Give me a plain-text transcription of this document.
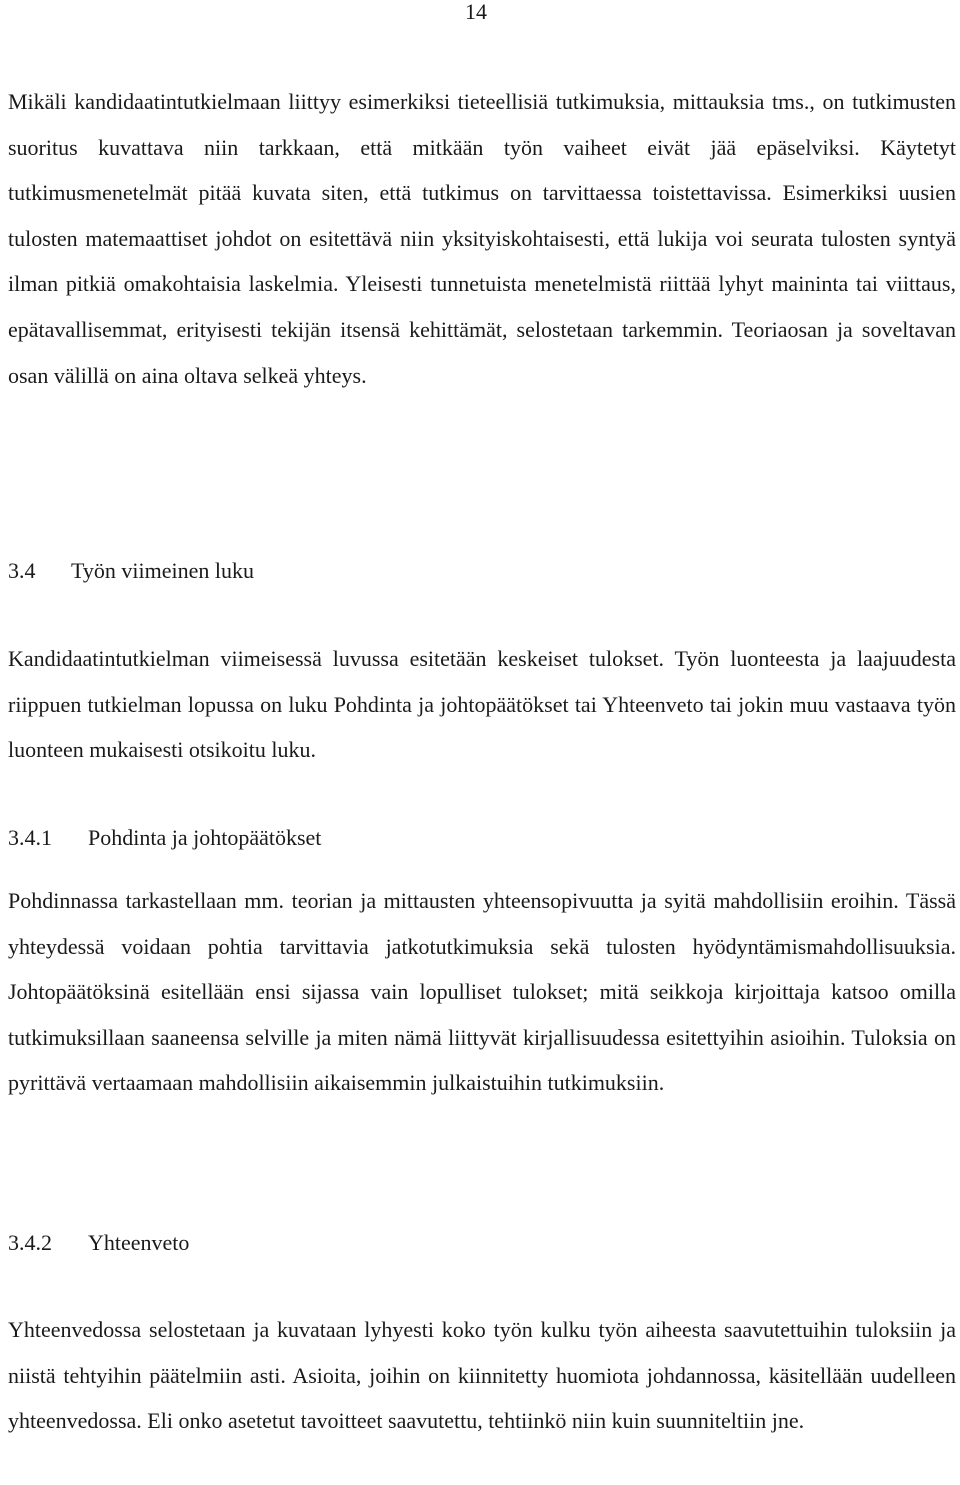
14

Mikäli kandidaatintutkielmaan liittyy esimerkiksi tieteellisiä tutkimuksia, mittauksia tms., on tutkimusten suoritus kuvattava niin tarkkaan, että mitkään työn vaiheet eivät jää epäselviksi. Käytetyt tutkimusmenetelmät pitää kuvata siten, että tutkimus on tarvittaessa toistettavissa. Esimerkiksi uusien tulosten matemaattiset johdot on esitettävä niin yksityiskohtaisesti, että lukija voi seurata tulosten syntyä ilman pitkiä omakohtaisia laskelmia. Yleisesti tunnetuista menetelmistä riittää lyhyt maininta tai viittaus, epätavallisemmat, erityisesti tekijän itsensä kehittämät, selostetaan tarkemmin. Teoriaosan ja soveltavan osan välillä on aina oltava selkeä yhteys.

3.4 Työn viimeinen luku

Kandidaatintutkielman viimeisessä luvussa esitetään keskeiset tulokset. Työn luonteesta ja laajuudesta riippuen tutkielman lopussa on luku Pohdinta ja johtopäätökset tai Yhteenveto tai jokin muu vastaava työn luonteen mukaisesti otsikoitu luku.

3.4.1 Pohdinta ja johtopäätökset

Pohdinnassa tarkastellaan mm. teorian ja mittausten yhteensopivuutta ja syitä mahdollisiin eroihin. Tässä yhteydessä voidaan pohtia tarvittavia jatkotutkimuksia sekä tulosten hyödyntämismahdollisuuksia. Johtopäätöksinä esitellään ensi sijassa vain lopulliset tulokset; mitä seikkoja kirjoittaja katsoo omilla tutkimuksillaan saaneensa selville ja miten nämä liittyvät kirjallisuudessa esitettyihin asioihin. Tuloksia on pyrittävä vertaamaan mahdollisiin aikaisemmin julkaistuihin tutkimuksiin.

3.4.2 Yhteenveto

Yhteenvedossa selostetaan ja kuvataan lyhyesti koko työn kulku työn aiheesta saavutettuihin tuloksiin ja niistä tehtyihin päätelmiin asti. Asioita, joihin on kiinnitetty huomiota johdannossa, käsitellään uudelleen yhteenvedossa. Eli onko asetetut tavoitteet saavutettu, tehtiinkö niin kuin suunniteltiin jne.
